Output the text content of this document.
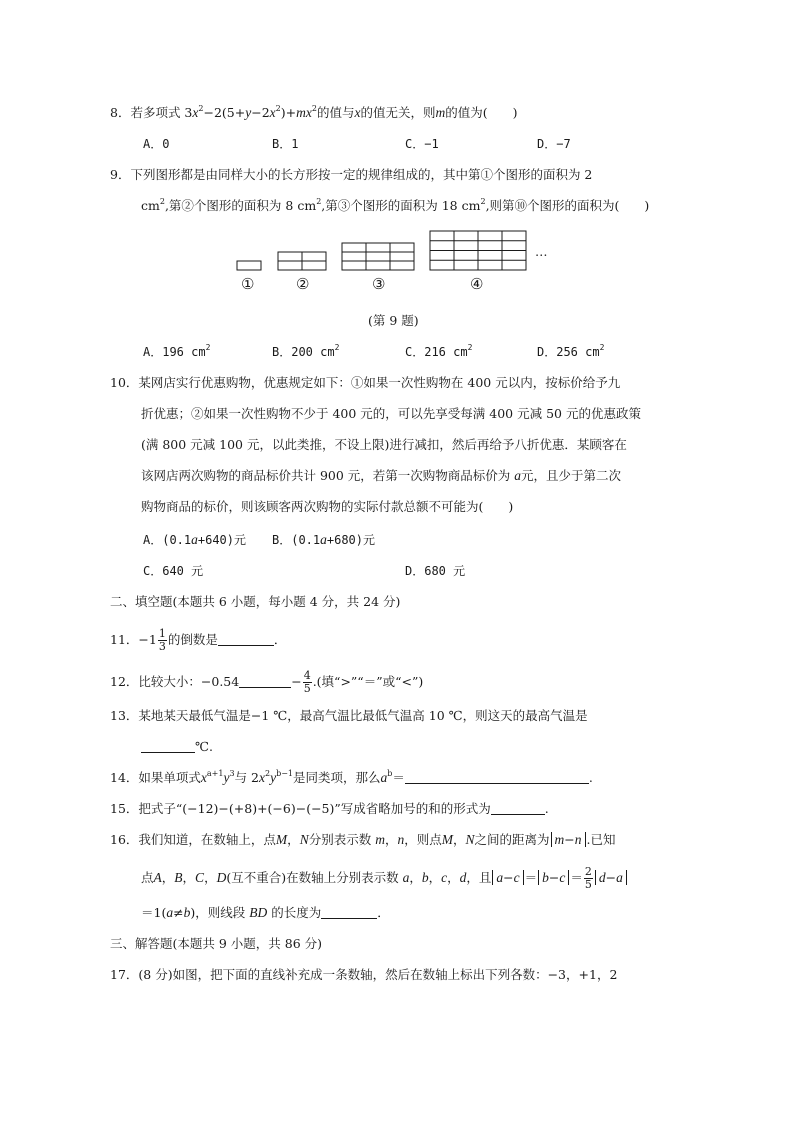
8．若多项式 $3x^2-2(5+y-2x^2)+mx^2$的值与x的值无关，则m的值为(　　)
A．0	B．1	C．−1	D．−7
9．下列图形都是由同样大小的长方形按一定的规律组成的，其中第①个图形的面积为 2
$cm^2$,第②个图形的面积为 8 $cm^2$,第③个图形的面积为 18 $cm^2$,则第⑩个图形的面积为(　　)
…
①	②	③	④
(第 9 题)
A．196 $cm^2$	B．200 $cm^2$	C．216 $cm^2$	D．256 $cm^2$
10．某网店实行优惠购物，优惠规定如下：①如果一次性购物在 400 元以内，按标价给予九
折优惠；②如果一次性购物不少于 400 元的，可以先享受每满 400 元减 50 元的优惠政策
(满 800 元减 100 元，以此类推，不设上限)进行减扣，然后再给予八折优惠．某顾客在
该网店两次购物的商品标价共计 900 元，若第一次购物商品标价为 a元，且少于第二次
购物商品的标价，则该顾客两次购物的实际付款总额不可能为(　　)
A．(0.1a+640)元 B．(0.1a+680)元
C．640 元	D．680 元
二、填空题(本题共 6 小题，每小题 4 分，共 24 分)
11．$-1 \frac{1}{3}$ 的倒数是	．
12．比较大小：−0.54	− $\frac{4}{5}$ .(填“>”“＝”或“<”)
13．某地某天最低气温是−1 ℃，最高气温比最低气温高 10 ℃，则这天的最高气温是
℃.
14．如果单项式$x^{a+1}y^3$与 $2x^2y^{b-1}$是同类项，那么$a^b=$	.
15．把式子“(−12)−(+8)+(−6)−(−5)”写成省略加号的和的形式为	.
16．我们知道，在数轴上，点M，N分别表示数 m，n，则点M，N之间的距离为 m−n .已知
点A，B，C，D(互不重合)在数轴上分别表示数 a，b，c，d，且 $a-c = b-c = \frac{2}{5} d-a$
＝1(a≠b)，则线段 BD 的长度为	．
三、解答题(本题共 9 小题，共 86 分)
17．(8 分)如图，把下面的直线补充成一条数轴，然后在数轴上标出下列各数：−3，+1，2
